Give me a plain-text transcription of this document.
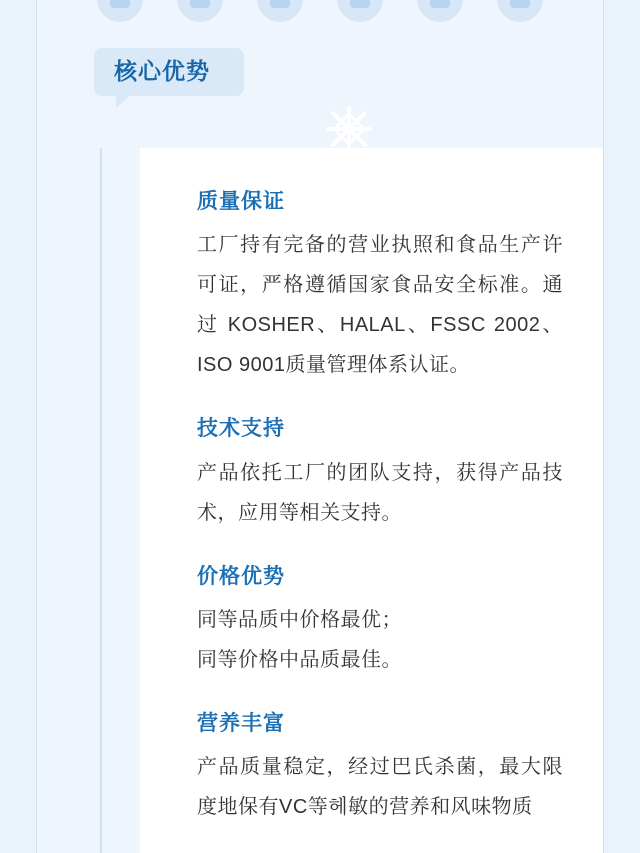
核心优势
质量保证

工厂持有完备的营业执照和食品生产许可证，严格遵循国家食品安全标准。通过 KOSHER、HALAL、FSSC 2002、ISO 9001质量管理体系认证。

技术支持

产品依托工厂的团队支持，获得产品技术，应用等相关支持。

价格优势

同等品质中价格最优；
同等价格中品质最佳。

营养丰富

产品质量稳定，经过巴氏杀菌，最大限度地保有VC等헤敏的营养和风味物质
